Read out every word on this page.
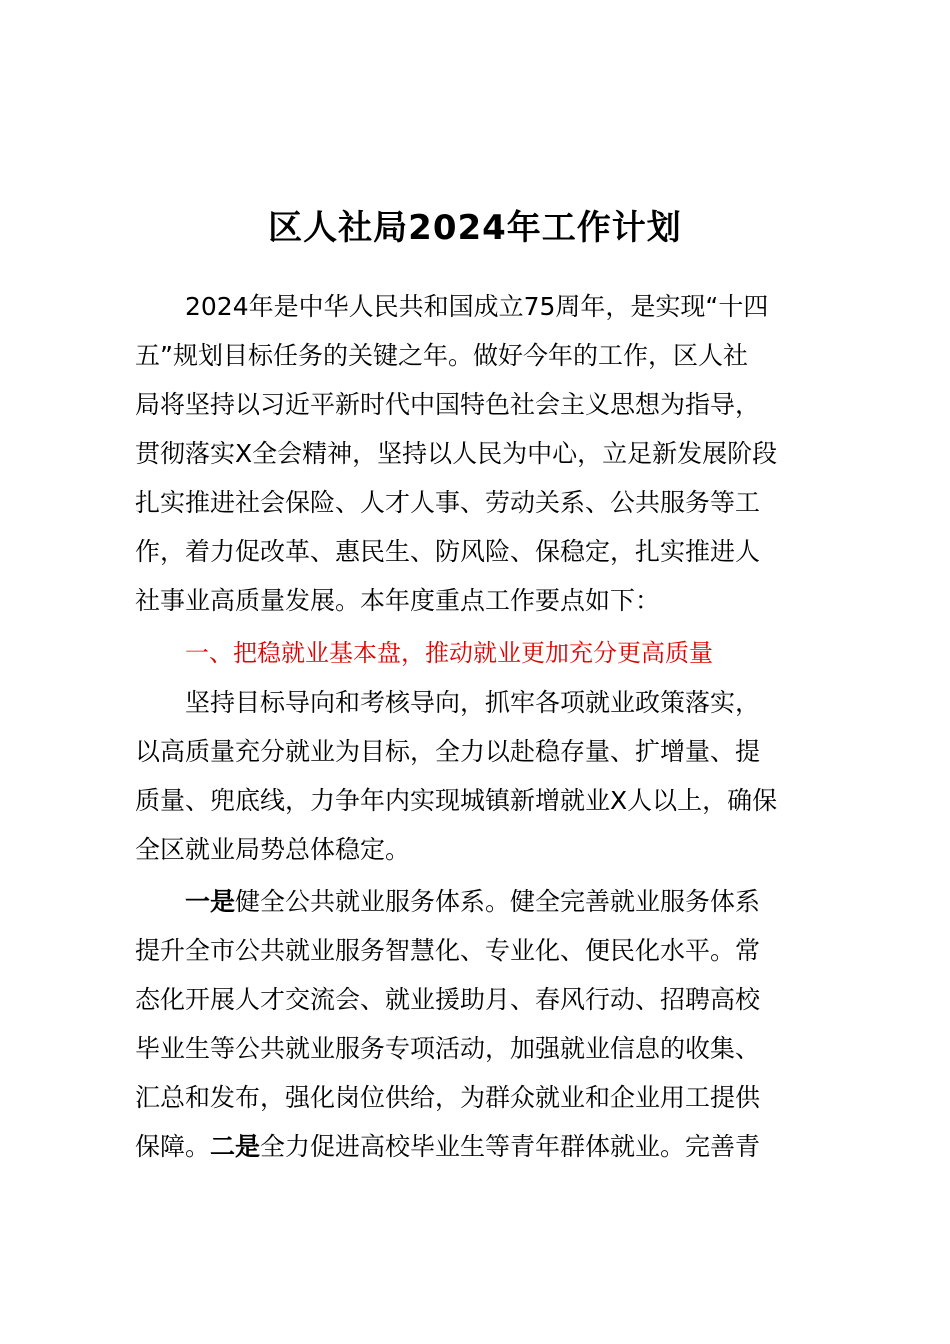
区人社局2024年工作计划
2024年是中华人民共和国成立75周年，是实现“十四
五”规划目标任务的关键之年。做好今年的工作，区人社
局将坚持以习近平新时代中国特色社会主义思想为指导，
贯彻落实X全会精神，坚持以人民为中心，立足新发展阶段
扎实推进社会保险、人才人事、劳动关系、公共服务等工
作，着力促改革、惠民生、防风险、保稳定，扎实推进人
社事业高质量发展。本年度重点工作要点如下：
一、把稳就业基本盘，推动就业更加充分更高质量
坚持目标导向和考核导向，抓牢各项就业政策落实，
以高质量充分就业为目标，全力以赴稳存量、扩增量、提
质量、兜底线，力争年内实现城镇新增就业X人以上，确保
全区就业局势总体稳定。
一是健全公共就业服务体系。健全完善就业服务体系
提升全市公共就业服务智慧化、专业化、便民化水平。常
态化开展人才交流会、就业援助月、春风行动、招聘高校
毕业生等公共就业服务专项活动，加强就业信息的收集、
汇总和发布，强化岗位供给，为群众就业和企业用工提供
保障。二是全力促进高校毕业生等青年群体就业。完善青
